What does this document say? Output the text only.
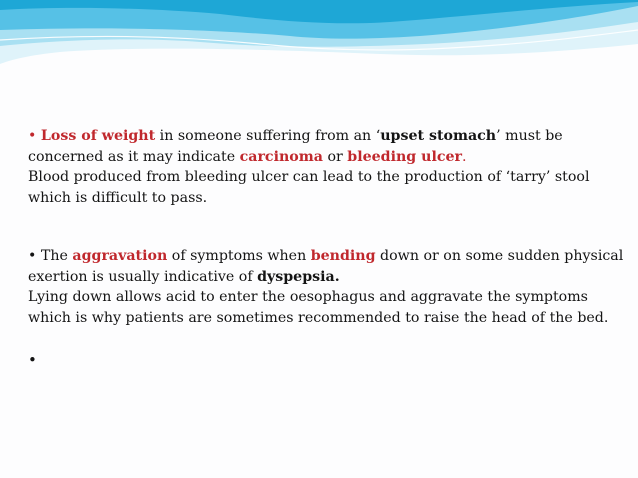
• Loss of weight in someone suffering from an ‘upset stomach’ must be concerned as it may indicate carcinoma or bleeding ulcer.
Blood produced from bleeding ulcer can lead to the production of ‘tarry’ stool which is difficult to pass.

• The aggravation of symptoms when bending down or on some sudden physical exertion is usually indicative of dyspepsia.
Lying down allows acid to enter the oesophagus and aggravate the symptoms which is why patients are sometimes recommended to raise the head of the bed.

•
